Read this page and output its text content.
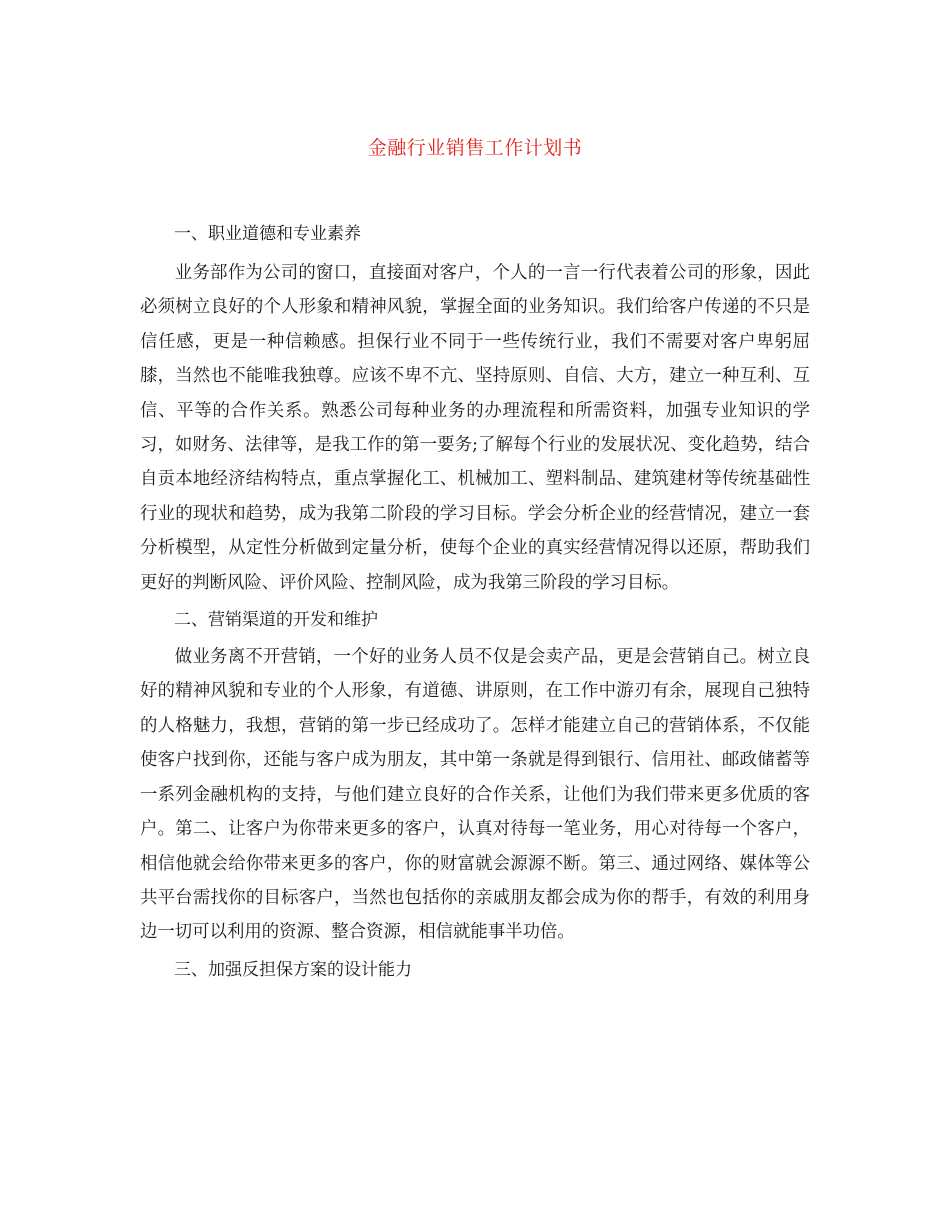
金融行业销售工作计划书
一、职业道德和专业素养

业务部作为公司的窗口，直接面对客户，个人的一言一行代表着公司的形象，因此必须树立良好的个人形象和精神风貌，掌握全面的业务知识。我们给客户传递的不只是信任感，更是一种信赖感。担保行业不同于一些传统行业，我们不需要对客户卑躬屈膝，当然也不能唯我独尊。应该不卑不亢、坚持原则、自信、大方，建立一种互利、互信、平等的合作关系。熟悉公司每种业务的办理流程和所需资料，加强专业知识的学习，如财务、法律等，是我工作的第一要务;了解每个行业的发展状况、变化趋势，结合自贡本地经济结构特点，重点掌握化工、机械加工、塑料制品、建筑建材等传统基础性行业的现状和趋势，成为我第二阶段的学习目标。学会分析企业的经营情况，建立一套分析模型，从定性分析做到定量分析，使每个企业的真实经营情况得以还原，帮助我们更好的判断风险、评价风险、控制风险，成为我第三阶段的学习目标。

二、营销渠道的开发和维护

做业务离不开营销，一个好的业务人员不仅是会卖产品，更是会营销自己。树立良好的精神风貌和专业的个人形象，有道德、讲原则，在工作中游刃有余，展现自己独特的人格魅力，我想，营销的第一步已经成功了。怎样才能建立自己的营销体系，不仅能使客户找到你，还能与客户成为朋友，其中第一条就是得到银行、信用社、邮政储蓄等一系列金融机构的支持，与他们建立良好的合作关系，让他们为我们带来更多优质的客户。第二、让客户为你带来更多的客户，认真对待每一笔业务，用心对待每一个客户，相信他就会给你带来更多的客户，你的财富就会源源不断。第三、通过网络、媒体等公共平台需找你的目标客户，当然也包括你的亲戚朋友都会成为你的帮手，有效的利用身边一切可以利用的资源、整合资源，相信就能事半功倍。

三、加强反担保方案的设计能力
